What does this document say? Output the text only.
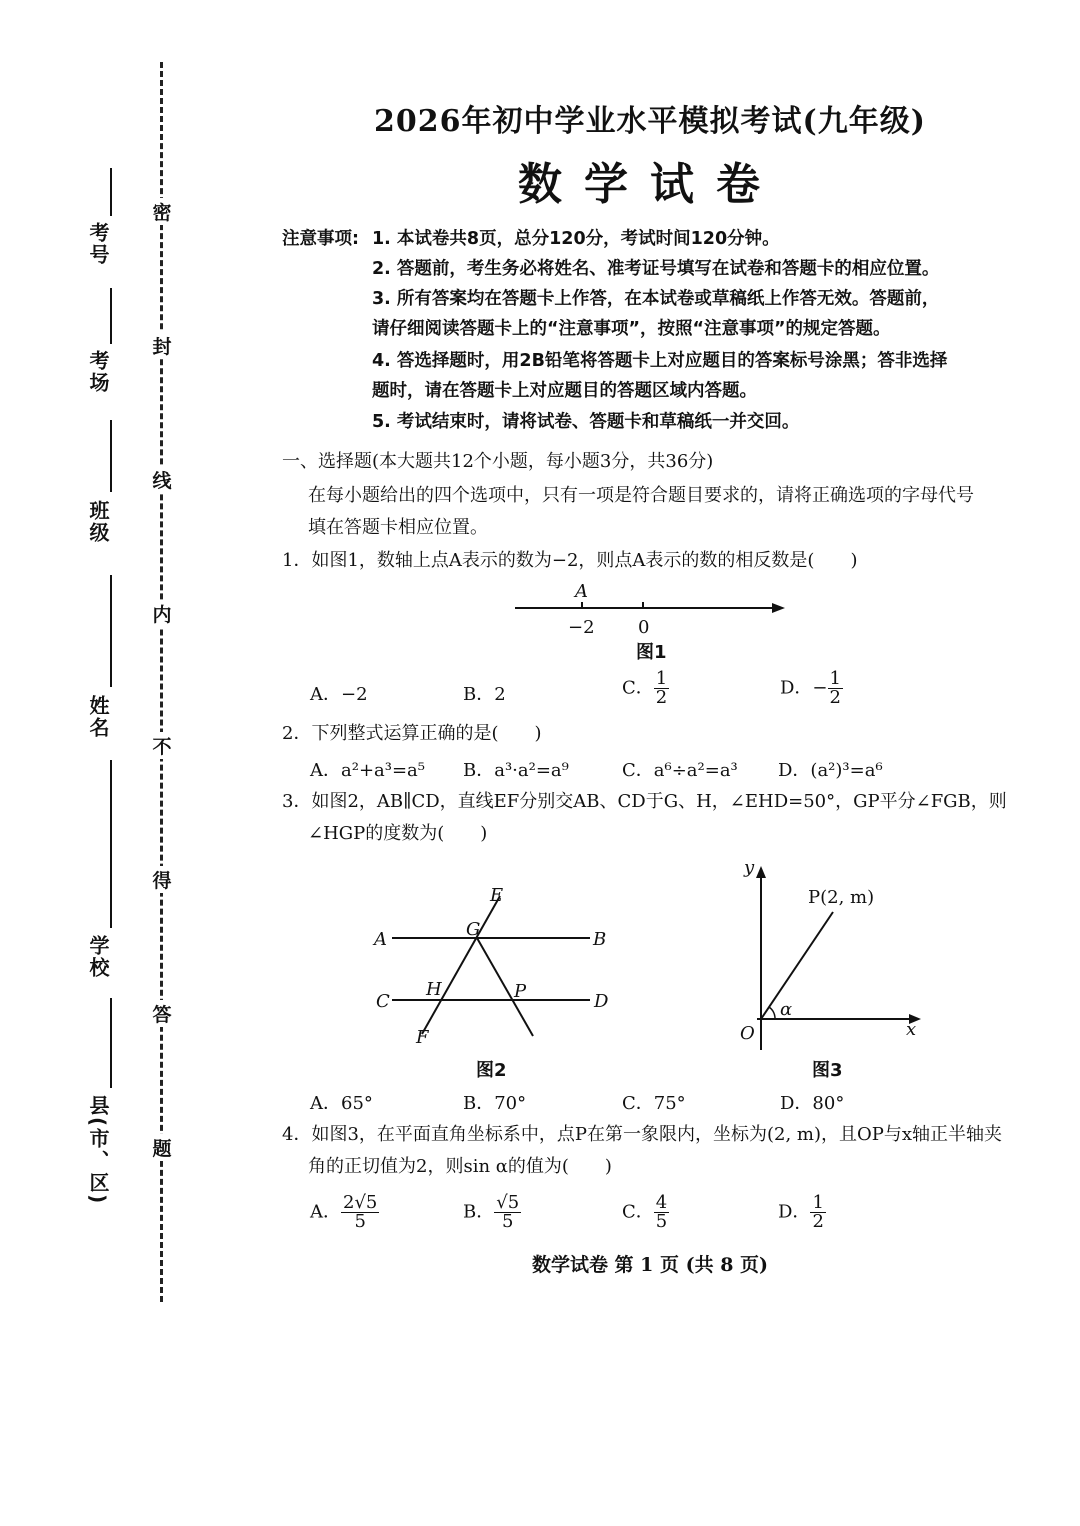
考号
考场
班级
姓名
学校
县(市、区)
密
封
线
内
不
得
答
题
2026年初中学业水平模拟考试(九年级)
数学试卷
注意事项: 1. 本试卷共8页，总分120分，考试时间120分钟。
2. 答题前，考生务必将姓名、准考证号填写在试卷和答题卡的相应位置。
3. 所有答案均在答题卡上作答，在本试卷或草稿纸上作答无效。答题前，
请仔细阅读答题卡上的“注意事项”，按照“注意事项”的规定答题。
4. 答选择题时，用2B铅笔将答题卡上对应题目的答案标号涂黑；答非选择
题时，请在答题卡上对应题目的答题区域内答题。
5. 考试结束时，请将试卷、答题卡和草稿纸一并交回。
一、选择题(本大题共12个小题，每小题3分，共36分)
在每小题给出的四个选项中，只有一项是符合题目要求的，请将正确选项的字母代号
填在答题卡相应位置。
1．如图1，数轴上点A表示的数为−2，则点A表示的数的相反数是(　　)
A
−2 0
图1
A．−2	B．2	C． $\frac{1}{2}$	D．− $\frac{1}{2}$
2．下列整式运算正确的是(　　)
A．a²+a³=a⁵ B．a³·a²=a⁹	C．a⁶÷a²=a³ D．(a²)³=a⁶
3．如图2，AB∥CD，直线EF分别交AB、CD于G、H，∠EHD=50°，GP平分∠FGB，则
∠HGP的度数为(　　)
A	B
C	D
E
F
G
H	P
图2
y
x
O
P(2, m)
α
图3
A．65°	B．70°	C．75°	D．80°
4．如图3，在平面直角坐标系中，点P在第一象限内，坐标为(2, m)，且OP与x轴正半轴夹
角的正切值为2，则sin α的值为(　　)
A． $\frac{2√5}{5}$	B． $\frac{√5}{5}$	C． $\frac{4}{5}$	D． $\frac{1}{2}$
数学试卷 第 1 页 (共 8 页)
